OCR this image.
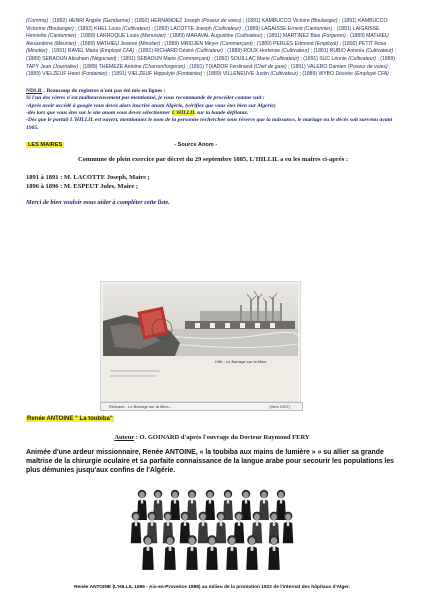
(Commis) ; (1892) HENRI Angèle (Gendarme) ; (1892) HERNANDEZ Joseph (Poseur de voies) ; (1891) KAMBUCCO Victoire (Boulanger) ; (1891) KAMBUCCO Victorine (Boulanger) ; (1892) KHEL Louis (Cultivateur) ; (1892) LACOTTE Joseph (Cultivateur) ; (1889) LAGAISSE Ernest (Cantonnier) ; (1891) LAIGAISSE Henriette (Cantonnier) ; (1889) LARROQUE Louis (Menuisier) ; (1889) MARAVAL Augustine (Cultivateur) ; (1891) MARTINEZ Blas (Forgeron) ; (1889) MATHIEU Alexandrine (Meunier) ; (1889) MATHIEU Jeanne (Minotier) ; (1889) MRIDJEN Meyer (Commerçant) ; (1889) PERLES Edmond (Employé) ; (1892) PETIT Rosa (Minotier) ; (1891) RAVEL Maria (Employé CFA) ; (1891) RICHARD Désiré (Cultivateur) ; (1889) ROUX Hortense (Cultivateur) ; (1891) RUBIO Antonia (Cultivateur) ; (1889) SEBAOUN Abraham (Négociant) ; (1891) SEBAOUN Marie (Commerçant) ; (1892) SOUILLAC Marie (Cultivateur) ; (1891) SUC Léonie (Cultivateur) ; (1889) TAPY Jean (Journalier) ; (1889) THEMEZE Antoine (Charron/forgeron) ; (1891) TIXADOR Ferdinand (Chef de gare) ; (1891) VALERO Damien (Poseur de voies) ; (1889) VIELZEUF Henri (Fontainier) ; (1891) VIELZEUF Hippolyte (Fontainier) ; (1889) VILLENEUVE Justin (Cultivateur) ; (1889) WYBO Désirée (Employé CFA) ;
NDLR : Beaucoup de registres n'ont pas été mis en lignes :
Si l'un des vôtres n'est malheureusement pas mentionné, je vous recommande de procéder comme suit :
-Après avoir accédé à google vous devez alors inscrire anom Algérie, (vérifiez que vous êtes bien sur Algérie)
-dès lors que vous êtes sur le site anom vous devez sélectionner L'HILLIL sur la bande défilante.
-Dès que le portail L'HILLIL est ouvert, mentionnez le nom de la personne recherchée sous réserve que la naissance, le mariage ou le décès soit survenu avant 1905.
LES MAIRES	- Source Anom -
Commune de plein exercice par décret du 29 septembre 1885, L'HILLIL a eu les maires ci-après :
1891 à 1891 : M. LACOTTE Joseph, Maire ;
1896 à 1896 : M. ESPEUT Jules, Maire ;
Merci de bien vouloir nous aider à compléter cette liste.
Hillil - Le Barrage sur la Mina
Relizane - Le Barrage sur la Mina -	(Vers 1907)
Renée ANTOINE " La toubiba"
Auteur : O. GOINARD d'après l'ouvrage du Docteur Raymond FERY
Animée d'une ardeur missionnaire, Renée ANTOINE, « la toubiba aux mains de lumière » » su allier sa grande maîtrise de la chirurgie oculaire et sa parfaite connaissance de la langue arabe pour secourir les populations les plus démunies jusqu'aux confins de l'Algérie.
Renée ANTOINE (L'HILLIL 1896 - Aix-en-Provence 1988) au milieu de la promotion 1922 de l'internat des hôpitaux d'Alger.
